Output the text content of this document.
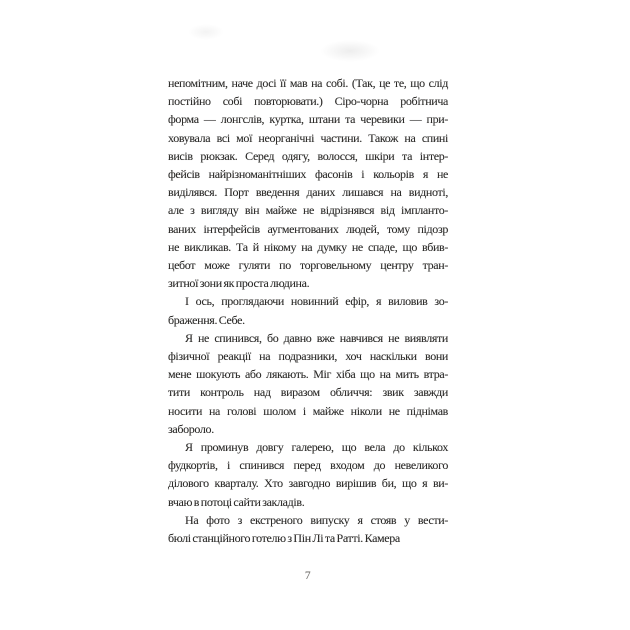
непомітним, наче досі її мав на собі. (Так, це те, що слід
постійно собі повторювати.) Сіро-чорна робітнича
форма — лонгслів, куртка, штани та черевики — при-
ховувала всі мої неорганічні частини. Також на спині
висів рюкзак. Серед одягу, волосся, шкіри та інтер-
фейсів найрізноманітніших фасонів і кольорів я не
виділявся. Порт введення даних лишався на видноті,
але з вигляду він майже не відрізнявся від імпланто-
ваних інтерфейсів аугментованих людей, тому підозр
не викликав. Та й нікому на думку не спаде, що вбив-
цебот може гуляти по торговельному центру тран-
зитної зони як проста людина.
І ось, проглядаючи новинний ефір, я виловив зо-
браження. Себе.
Я не спинився, бо давно вже навчився не виявляти
фізичної реакції на подразники, хоч наскільки вони
мене шокують або лякають. Міг хіба що на мить втра-
тити контроль над виразом обличчя: звик завжди
носити на голові шолом і майже ніколи не піднімав
забороло.
Я проминув довгу галерею, що вела до кількох
фудкортів, і спинився перед входом до невеликого
ділового кварталу. Хто завгодно вирішив би, що я ви-
вчаю в потоці сайти закладів.
На фото з екстреного випуску я стояв у вести-
бюлі станційного готелю з Пін Лі та Ратті. Камера
7
